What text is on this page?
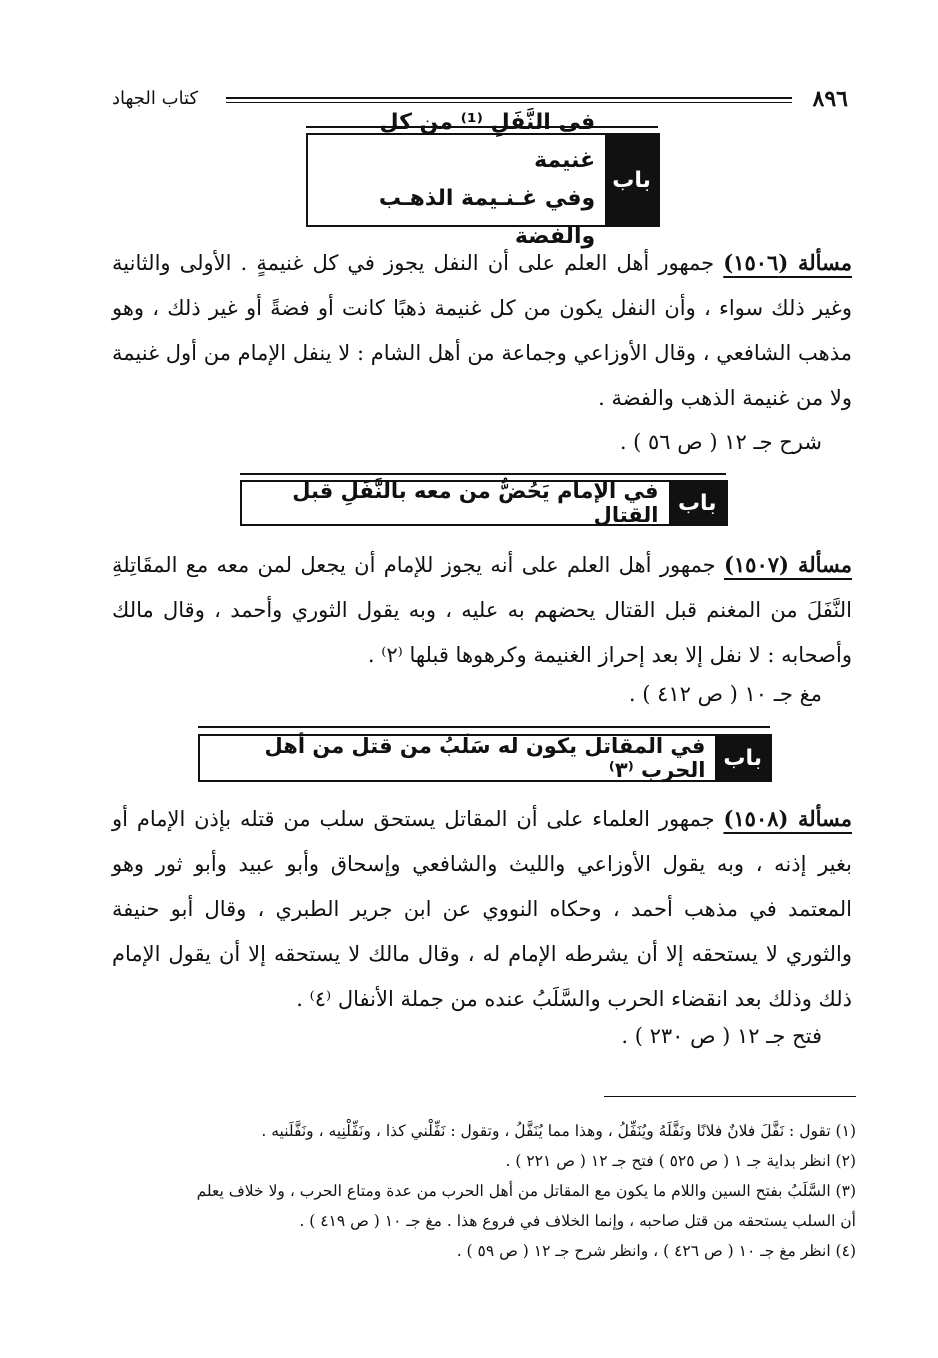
٨٩٦
كتاب الجهاد
باب
في النَّفَلِ ⁽¹⁾ من كل غنيمة
وفي غـنـيمة الذهـب والفضة
مسألة (١٥٠٦) جمهور أهل العلم على أن النفل يجوز في كل غنيمةٍ . الأولى والثانية وغير ذلك سواء ، وأن النفل يكون من كل غنيمة ذهبًا كانت أو فضةً أو غير ذلك ، وهو مذهب الشافعي ، وقال الأوزاعي وجماعة من أهل الشام : لا ينفل الإمام من أول غنيمة ولا من غنيمة الذهب والفضة .
شرح جـ ١٢ ( ص ٥٦ ) .
باب
في الإمام يَحُضُّ من معه بالنَّفَلِ قبل القتال
مسألة (١٥٠٧) جمهور أهل العلم على أنه يجوز للإمام أن يجعل لمن معه مع المقَاتِلةِ النَّفَلَ من المغنم قبل القتال يحضهم به عليه ، وبه يقول الثوري وأحمد ، وقال مالك وأصحابه : لا نفل إلا بعد إحراز الغنيمة وكرهوها قبلها ⁽٢⁾ .
مغ جـ ١٠ ( ص ٤١٢ ) .
باب
في المقاتل يكون له سَلَبُ من قتل من أهل الحرب ⁽٣⁾
مسألة (١٥٠٨) جمهور العلماء على أن المقاتل يستحق سلب من قتله بإذن الإمام أو بغير إذنه ، وبه يقول الأوزاعي والليث والشافعي وإسحاق وأبو عبيد وأبو ثور وهو المعتمد في مذهب أحمد ، وحكاه النووي عن ابن جرير الطبري ، وقال أبو حنيفة والثوري لا يستحقه إلا أن يشرطه الإمام له ، وقال مالك لا يستحقه إلا أن يقول الإمام ذلك وذلك بعد انقضاء الحرب والسَّلَبُ عنده من جملة الأنفال ⁽٤⁾ .
فتح جـ ١٢ ( ص ٢٣٠ ) .
(١) تقول : نَفَّلَ فلانٌ فلانًا ونَفَّلَهُ ويُنَفِّلُ ، وهذا مما يُنَفَّلُ ، وتقول : نَفِّلْني كذا ، ونَفِّلْنِيه ، ونَفَّلَنيه .
(٢) انظر بداية جـ ١ ( ص ٥٢٥ ) فتح جـ ١٢ ( ص ٢٢١ ) .
(٣) السَّلَبُ بفتح السين واللام ما يكون مع المقاتل من أهل الحرب من عدة ومتاع الحرب ، ولا خلاف يعلم
أن السلب يستحقه من قتل صاحبه ، وإنما الخلاف في فروع هذا . مغ جـ ١٠ ( ص ٤١٩ ) .
(٤) انظر مغ جـ ١٠ ( ص ٤٢٦ ) ، وانظر شرح جـ ١٢ ( ص ٥٩ ) .
